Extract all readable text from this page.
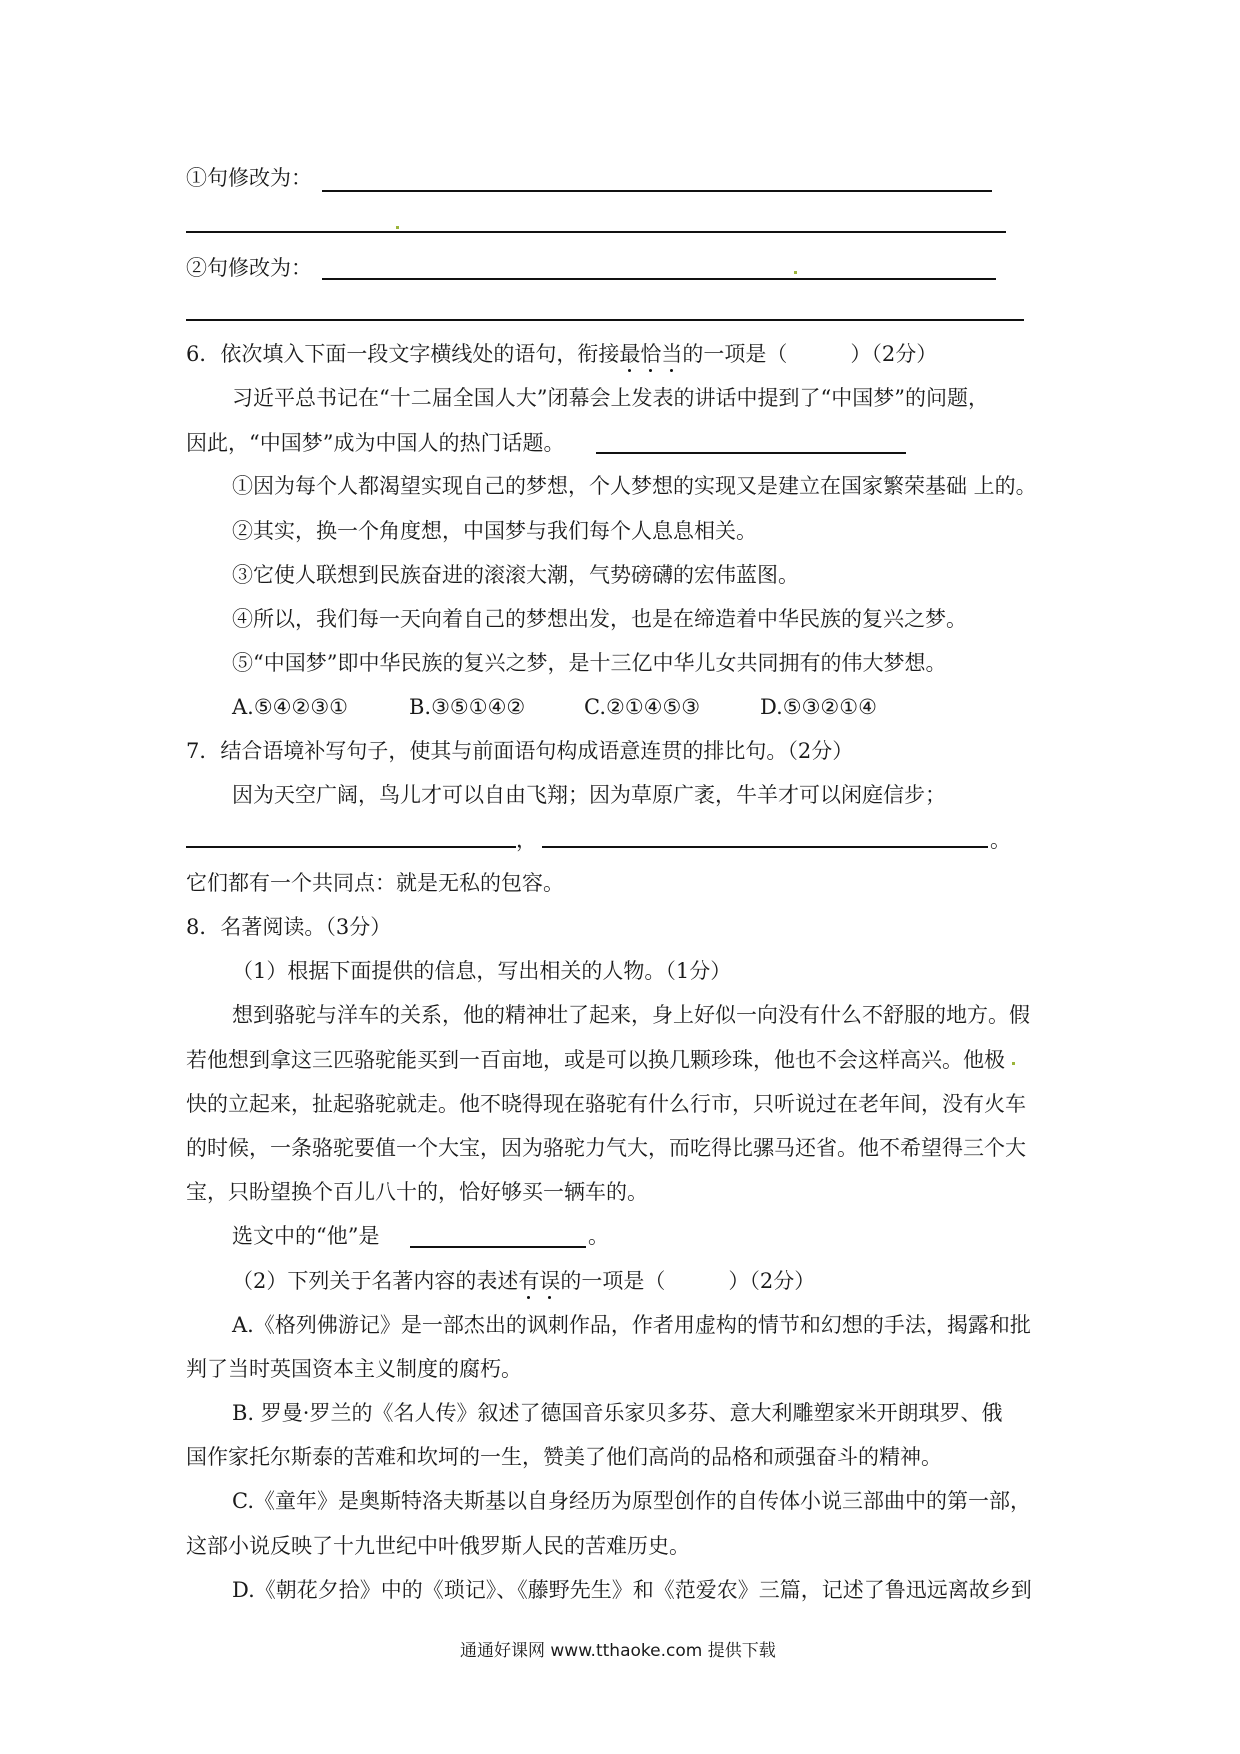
①句修改为：
②句修改为：
6．依次填入下面一段文字横线处的语句，衔接最恰当的一项是（　　　）（2分）
习近平总书记在“十二届全国人大”闭幕会上发表的讲话中提到了“中国梦”的问题，
因此，“中国梦”成为中国人的热门话题。
①因为每个人都渴望实现自己的梦想，个人梦想的实现又是建立在国家繁荣基础 上的。
②其实，换一个角度想，中国梦与我们每个人息息相关。
③它使人联想到民族奋进的滚滚大潮，气势磅礴的宏伟蓝图。
④所以，我们每一天向着自己的梦想出发，也是在缔造着中华民族的复兴之梦。
⑤“中国梦”即中华民族的复兴之梦，是十三亿中华儿女共同拥有的伟大梦想。
A.⑤④②③①	B.③⑤①④②	C.②①④⑤③	D.⑤③②①④
7．结合语境补写句子，使其与前面语句构成语意连贯的排比句。（2分）
因为天空广阔，鸟儿才可以自由飞翔；因为草原广袤，牛羊才可以闲庭信步；
，	。
它们都有一个共同点：就是无私的包容。
8．名著阅读。（3分）
（1）根据下面提供的信息，写出相关的人物。（1分）
想到骆驼与洋车的关系，他的精神壮了起来，身上好似一向没有什么不舒服的地方。假
若他想到拿这三匹骆驼能买到一百亩地，或是可以换几颗珍珠，他也不会这样高兴。他极
快的立起来，扯起骆驼就走。他不晓得现在骆驼有什么行市，只听说过在老年间，没有火车
的时候，一条骆驼要值一个大宝，因为骆驼力气大，而吃得比骡马还省。他不希望得三个大
宝，只盼望换个百儿八十的，恰好够买一辆车的。
选文中的“他”是	。
（2）下列关于名著内容的表述有误的一项是（　　　）（2分）
A.《格列佛游记》是一部杰出的讽刺作品，作者用虚构的情节和幻想的手法，揭露和批
判了当时英国资本主义制度的腐朽。
B. 罗曼·罗兰的《名人传》叙述了德国音乐家贝多芬、意大利雕塑家米开朗琪罗、俄
国作家托尔斯泰的苦难和坎坷的一生，赞美了他们高尚的品格和顽强奋斗的精神。
C.《童年》是奥斯特洛夫斯基以自身经历为原型创作的自传体小说三部曲中的第一部，
这部小说反映了十九世纪中叶俄罗斯人民的苦难历史。
D.《朝花夕拾》中的《琐记》、《藤野先生》和《范爱农》三篇，记述了鲁迅远离故乡到
通通好课网 www.tthaoke.com 提供下载
